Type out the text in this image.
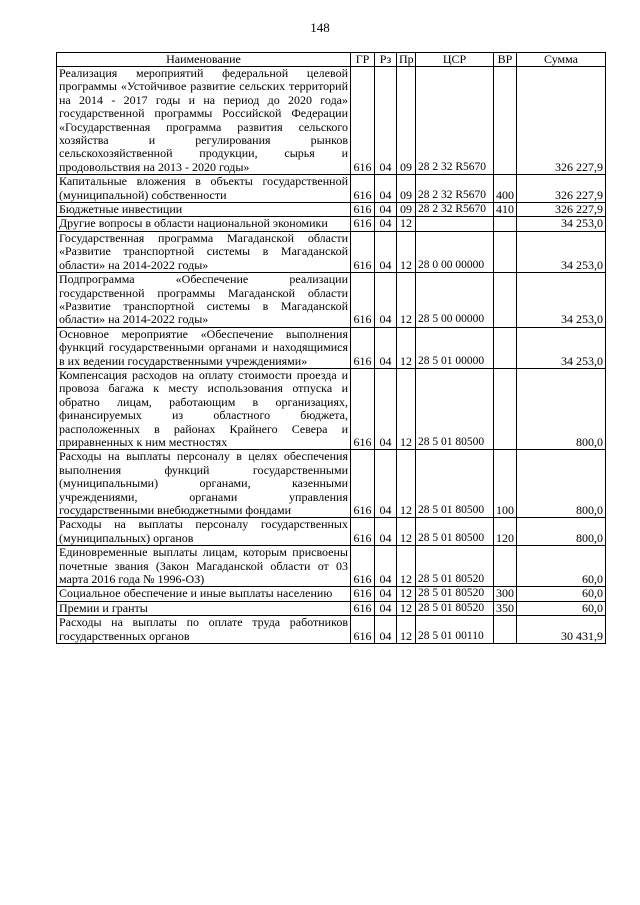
148
Наименование	ГР	Рз	Пр	ЦСР	ВР	Сумма
Реализация мероприятий федеральной целевой программы «Устойчивое развитие сельских территорий на 2014 - 2017 годы и на период до 2020 года» государственной программы Российской Федерации «Государственная программа развития сельского хозяйства и регулирования рынков сельскохозяйственной продукции, сырья и продовольствия на 2013 - 2020 годы»	616	04	09	28 2 32 R5670		326 227,9
Капитальные вложения в объекты государственной (муниципальной) собственности	616	04	09	28 2 32 R5670	400	326 227,9
Бюджетные инвестиции	616	04	09	28 2 32 R5670	410	326 227,9
Другие вопросы в области национальной экономики	616	04	12			34 253,0
Государственная программа Магаданской области «Развитие транспортной системы в Магаданской области» на 2014-2022 годы»	616	04	12	28 0 00 00000		34 253,0
Подпрограмма «Обеспечение реализации государственной программы Магаданской области «Развитие транспортной системы в Магаданской области» на 2014-2022 годы»	616	04	12	28 5 00 00000		34 253,0
Основное мероприятие «Обеспечение выполнения функций государственными органами и находящимися в их ведении государственными учреждениями»	616	04	12	28 5 01 00000		34 253,0
Компенсация расходов на оплату стоимости проезда и провоза багажа к месту использования отпуска и обратно лицам, работающим в организациях, финансируемых из областного бюджета, расположенных в районах Крайнего Севера и приравненных к ним местностях	616	04	12	28 5 01 80500		800,0
Расходы на выплаты персоналу в целях обеспечения выполнения функций государственными (муниципальными) органами, казенными учреждениями, органами управления государственными внебюджетными фондами	616	04	12	28 5 01 80500	100	800,0
Расходы на выплаты персоналу государственных (муниципальных) органов	616	04	12	28 5 01 80500	120	800,0
Единовременные выплаты лицам, которым присвоены почетные звания (Закон Магаданской области от 03 марта 2016 года № 1996-ОЗ)	616	04	12	28 5 01 80520		60,0
Социальное обеспечение и иные выплаты населению	616	04	12	28 5 01 80520	300	60,0
Премии и гранты	616	04	12	28 5 01 80520	350	60,0
Расходы на выплаты по оплате труда работников государственных органов	616	04	12	28 5 01 00110		30 431,9
